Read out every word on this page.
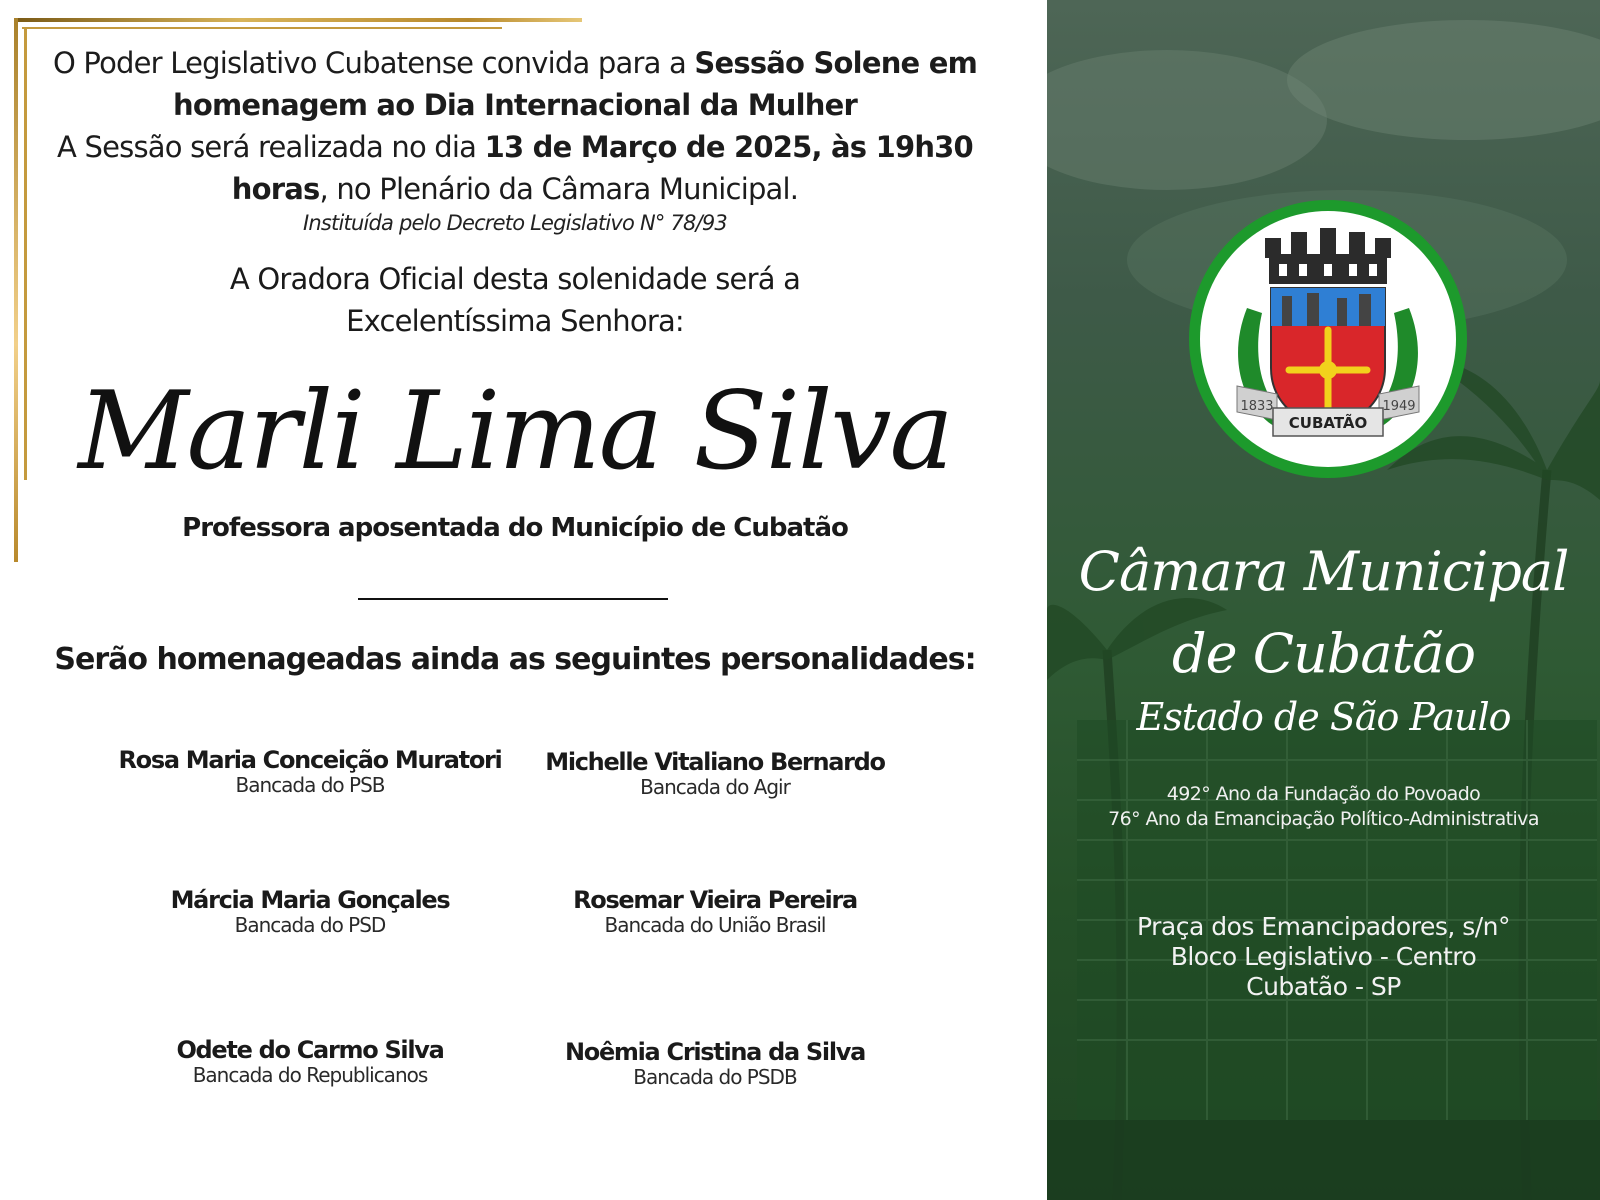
O Poder Legislativo Cubatense convida para a Sessão Solene em homenagem ao Dia Internacional da Mulher
A Sessão será realizada no dia 13 de Março de 2025, às 19h30 horas, no Plenário da Câmara Municipal.
Instituída pelo Decreto Legislativo N° 78/93
A Oradora Oficial desta solenidade será a
Excelentíssima Senhora:
Marli Lima Silva
Professora aposentada do Município de Cubatão
Serão homenageadas ainda as seguintes personalidades:
Rosa Maria Conceição Muratori
Bancada do PSB
Michelle Vitaliano Bernardo
Bancada do Agir
Márcia Maria Gonçales
Bancada do PSD
Rosemar Vieira Pereira
Bancada do União Brasil
Odete do Carmo Silva
Bancada do Republicanos
Noêmia Cristina da Silva
Bancada do PSDB
1833	1949
CUBATÃO
Câmara Municipal
de Cubatão
Estado de São Paulo
492° Ano da Fundação do Povoado
76° Ano da Emancipação Político-Administrativa
Praça dos Emancipadores, s/n°
Bloco Legislativo - Centro
Cubatão - SP
